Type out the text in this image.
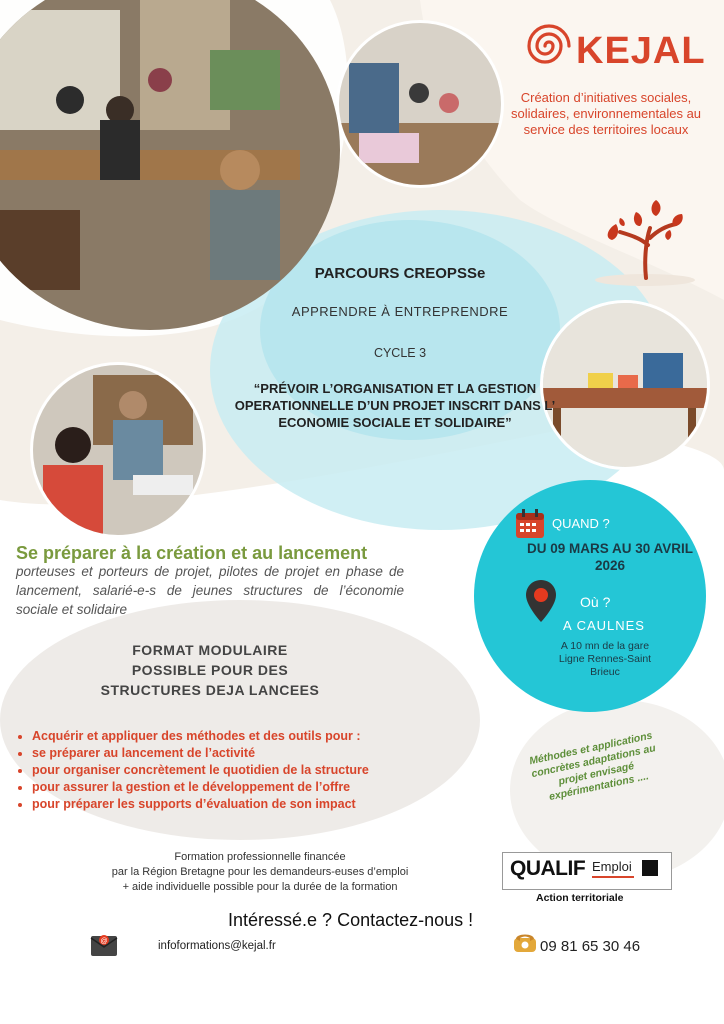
KEJAL
Création d’initiatives sociales, solidaires, environnementales au service des territoires locaux
PARCOURS CREOPSSe
APPRENDRE À ENTREPRENDRE
CYCLE 3
“PRÉVOIR L’ORGANISATION ET LA GESTION OPERATIONNELLE D’UN PROJET INSCRIT DANS L’ ECONOMIE SOCIALE ET SOLIDAIRE”
QUAND ?
DU 09 MARS AU 30 AVRIL 2026
Où ?
A CAULNES
A 10 mn de la gare Ligne Rennes-Saint Brieuc
Se préparer à la création et au lancement
porteuses et porteurs de projet, pilotes de projet en phase de lancement, salarié-e-s de jeunes structures de l’économie sociale et solidaire
FORMAT MODULAIRE POSSIBLE POUR DES STRUCTURES DEJA LANCEES
• Acquérir et appliquer des méthodes et des outils pour :
• se préparer au lancement de l’activité
• pour organiser concrètement le quotidien de la structure
• pour assurer la gestion et le développement de l’offre
• pour préparer les supports d’évaluation de son impact
Méthodes et applications concrètes adaptations au projet envisagé expérimentations ....
Formation professionnelle financée
par la Région Bretagne pour les demandeurs-euses d’emploi
+ aide individuelle possible pour la durée de la formation
QUALIF Emploi
Action territoriale
Intéressé.e ? Contactez-nous !
@	infoformations@kejal.fr	09 81 65 30 46
